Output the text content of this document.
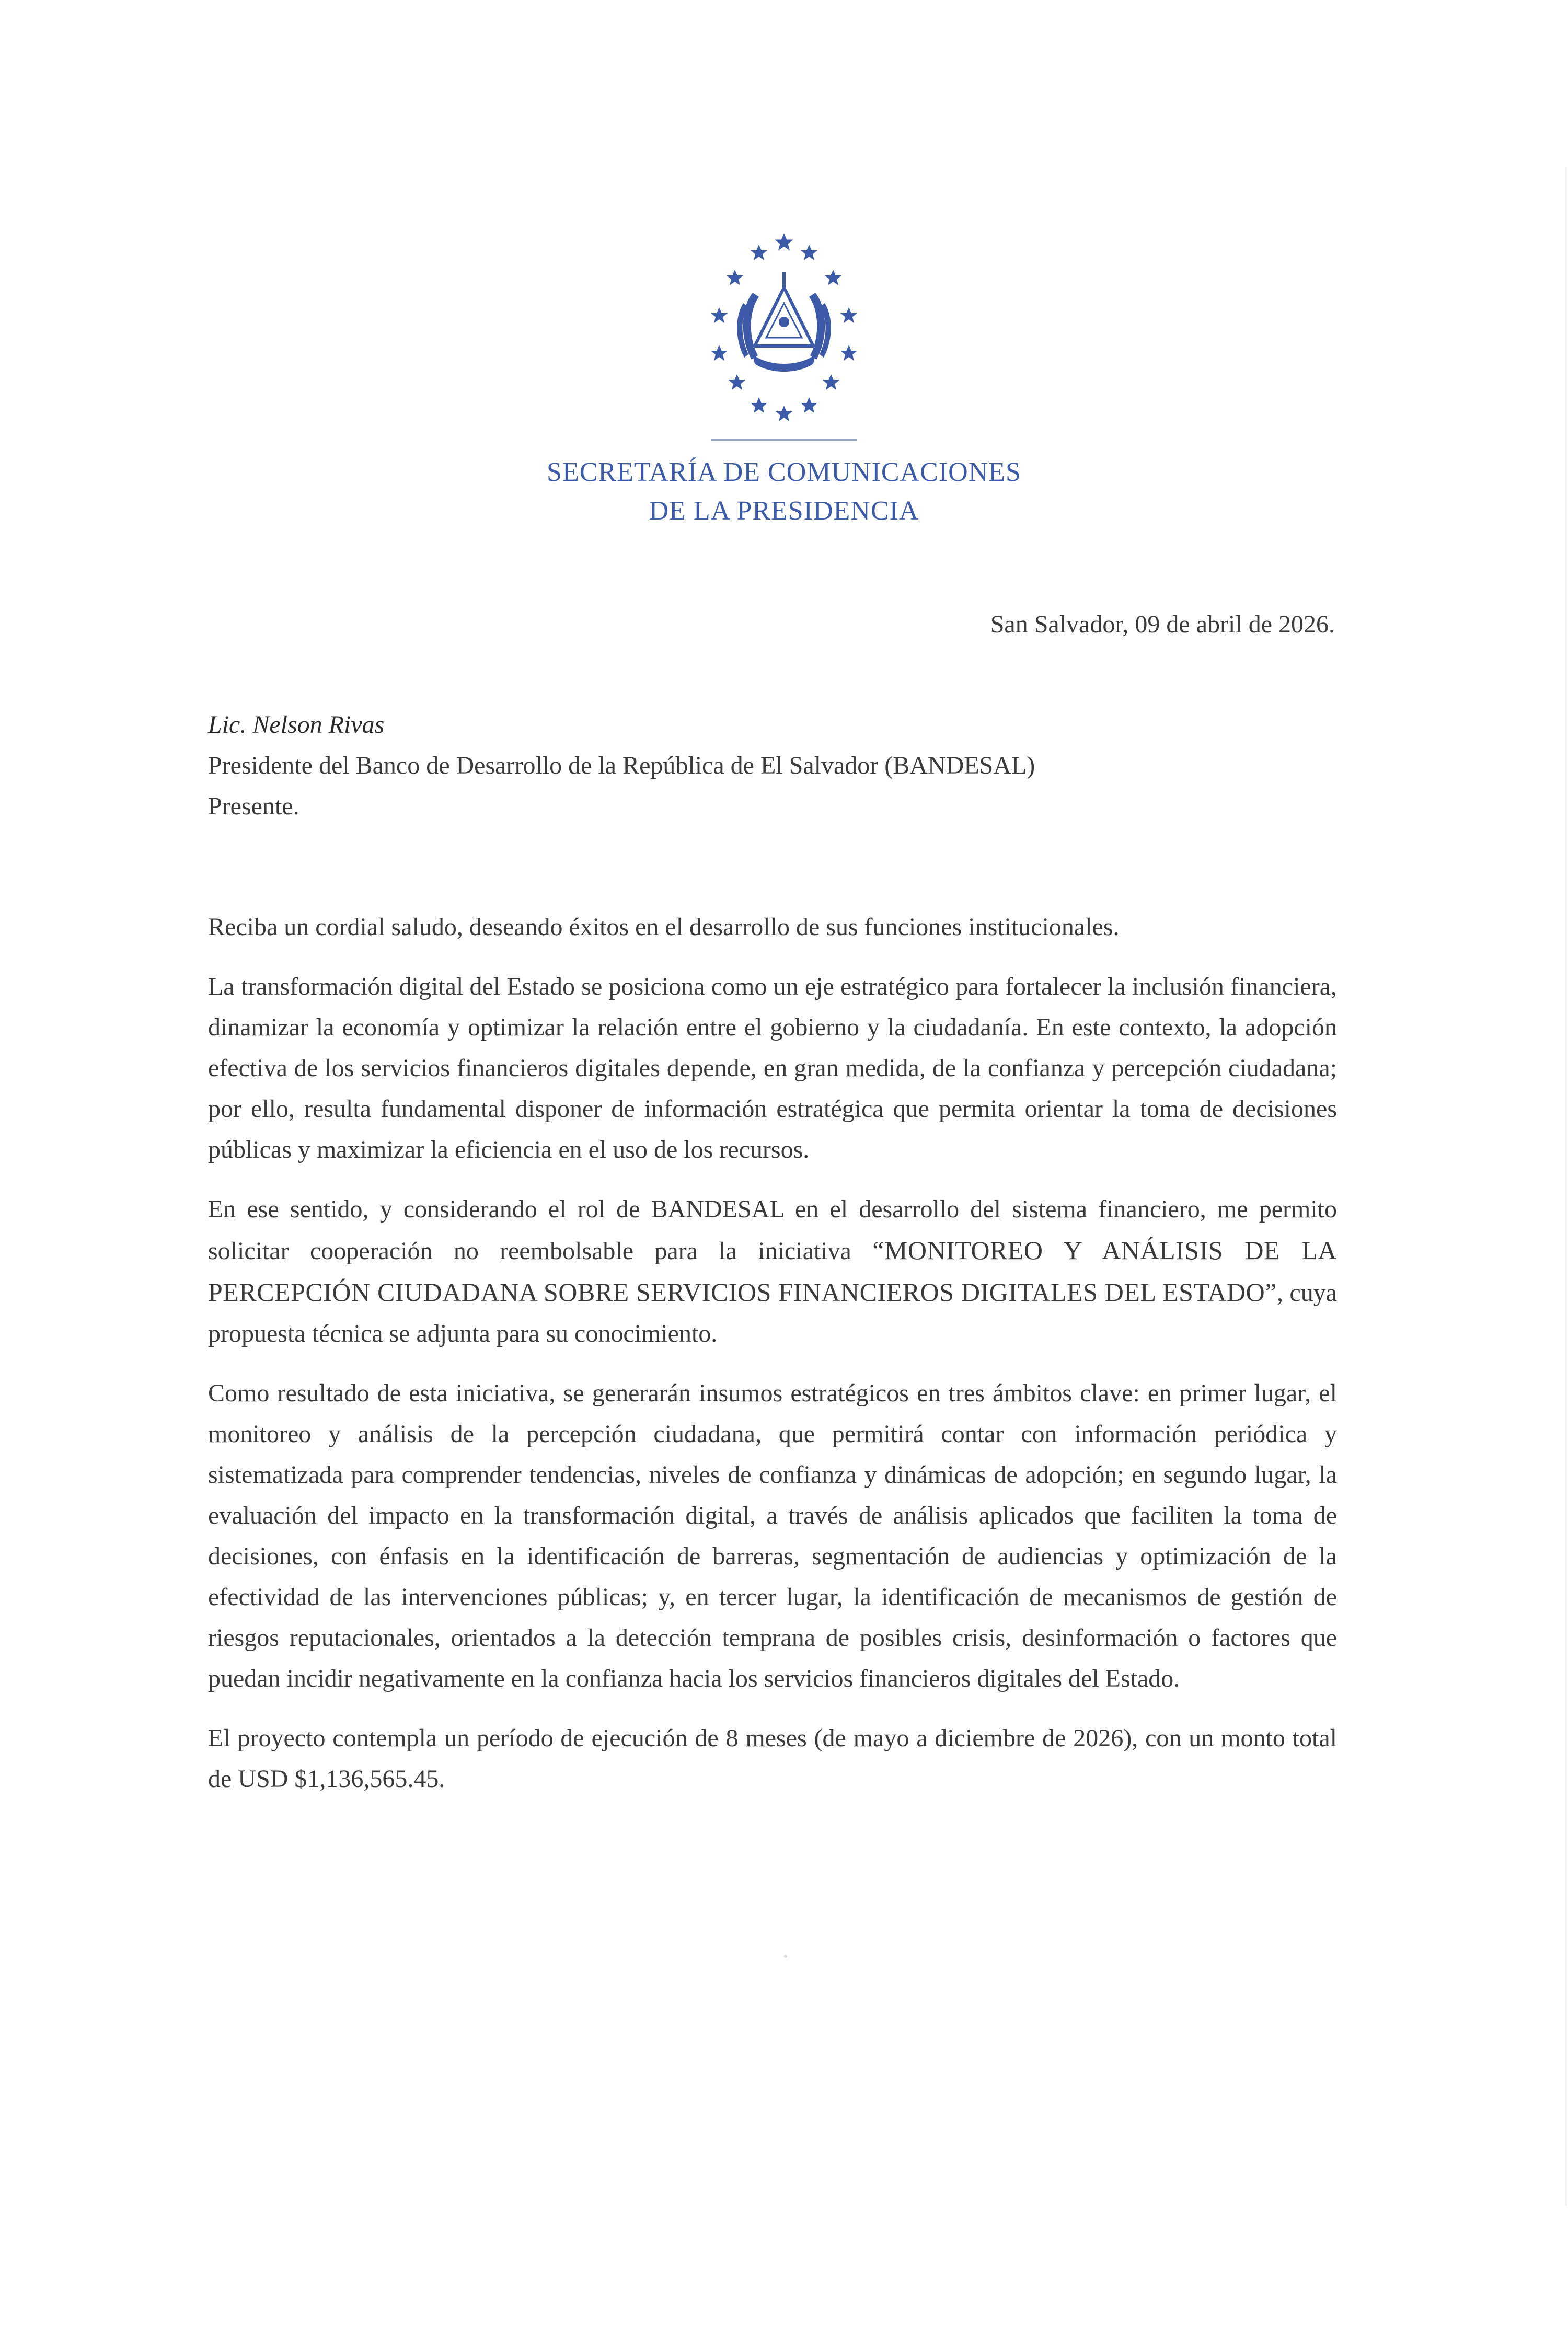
SECRETARÍA DE COMUNICACIONES
DE LA PRESIDENCIA
San Salvador, 09 de abril de 2026.
Lic. Nelson Rivas
Presidente del Banco de Desarrollo de la República de El Salvador (BANDESAL)
Presente.

Reciba un cordial saludo, deseando éxitos en el desarrollo de sus funciones institucionales.

La transformación digital del Estado se posiciona como un eje estratégico para fortalecer la inclusión financiera, dinamizar la economía y optimizar la relación entre el gobierno y la ciudadanía. En este contexto, la adopción efectiva de los servicios financieros digitales depende, en gran medida, de la confianza y percepción ciudadana; por ello, resulta fundamental disponer de información estratégica que permita orientar la toma de decisiones públicas y maximizar la eficiencia en el uso de los recursos.

En ese sentido, y considerando el rol de BANDESAL en el desarrollo del sistema financiero, me permito solicitar cooperación no reembolsable para la iniciativa “MONITOREO Y ANÁLISIS DE LA PERCEPCIÓN CIUDADANA SOBRE SERVICIOS FINANCIEROS DIGITALES DEL ESTADO”, cuya propuesta técnica se adjunta para su conocimiento.

Como resultado de esta iniciativa, se generarán insumos estratégicos en tres ámbitos clave: en primer lugar, el monitoreo y análisis de la percepción ciudadana, que permitirá contar con información periódica y sistematizada para comprender tendencias, niveles de confianza y dinámicas de adopción; en segundo lugar, la evaluación del impacto en la transformación digital, a través de análisis aplicados que faciliten la toma de decisiones, con énfasis en la identificación de barreras, segmentación de audiencias y optimización de la efectividad de las intervenciones públicas; y, en tercer lugar, la identificación de mecanismos de gestión de riesgos reputacionales, orientados a la detección temprana de posibles crisis, desinformación o factores que puedan incidir negativamente en la confianza hacia los servicios financieros digitales del Estado.

El proyecto contempla un período de ejecución de 8 meses (de mayo a diciembre de 2026), con un monto total de USD $1,136,565.45.
